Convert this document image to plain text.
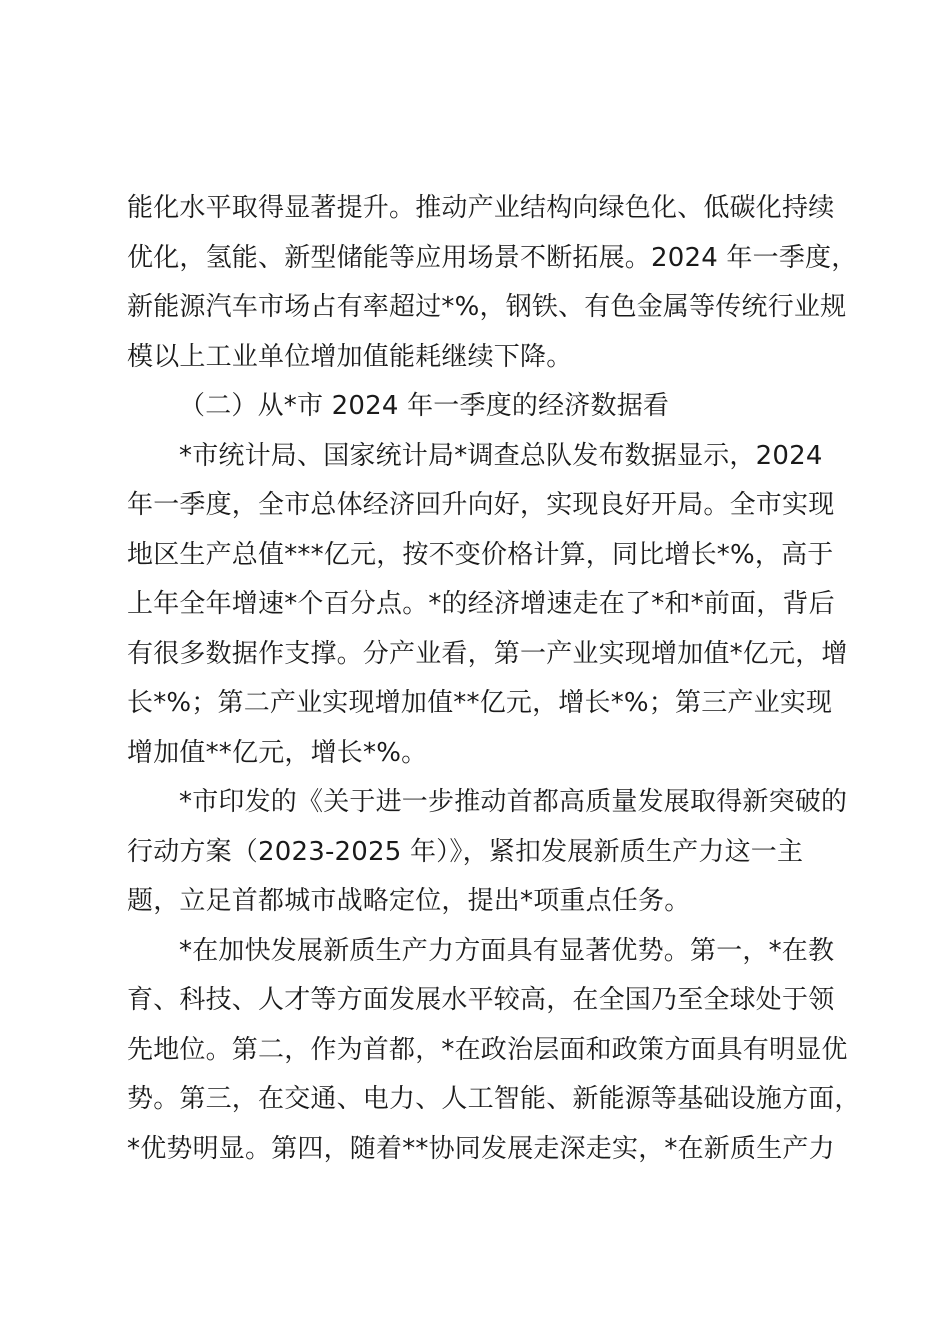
能化水平取得显著提升。推动产业结构向绿色化、低碳化持续
优化，氢能、新型储能等应用场景不断拓展。2024 年一季度，
新能源汽车市场占有率超过*%，钢铁、有色金属等传统行业规
模以上工业单位增加值能耗继续下降。
（二）从*市 2024 年一季度的经济数据看
*市统计局、国家统计局*调查总队发布数据显示，2024
年一季度，全市总体经济回升向好，实现良好开局。全市实现
地区生产总值***亿元，按不变价格计算，同比增长*%，高于
上年全年增速*个百分点。*的经济增速走在了*和*前面，背后
有很多数据作支撑。分产业看，第一产业实现增加值*亿元，增
长*%；第二产业实现增加值**亿元，增长*%；第三产业实现
增加值**亿元，增长*%。
*市印发的《关于进一步推动首都高质量发展取得新突破的
行动方案（2023-2025 年）》，紧扣发展新质生产力这一主
题，立足首都城市战略定位，提出*项重点任务。
*在加快发展新质生产力方面具有显著优势。第一，*在教
育、科技、人才等方面发展水平较高，在全国乃至全球处于领
先地位。第二，作为首都，*在政治层面和政策方面具有明显优
势。第三，在交通、电力、人工智能、新能源等基础设施方面，
*优势明显。第四，随着**协同发展走深走实，*在新质生产力
